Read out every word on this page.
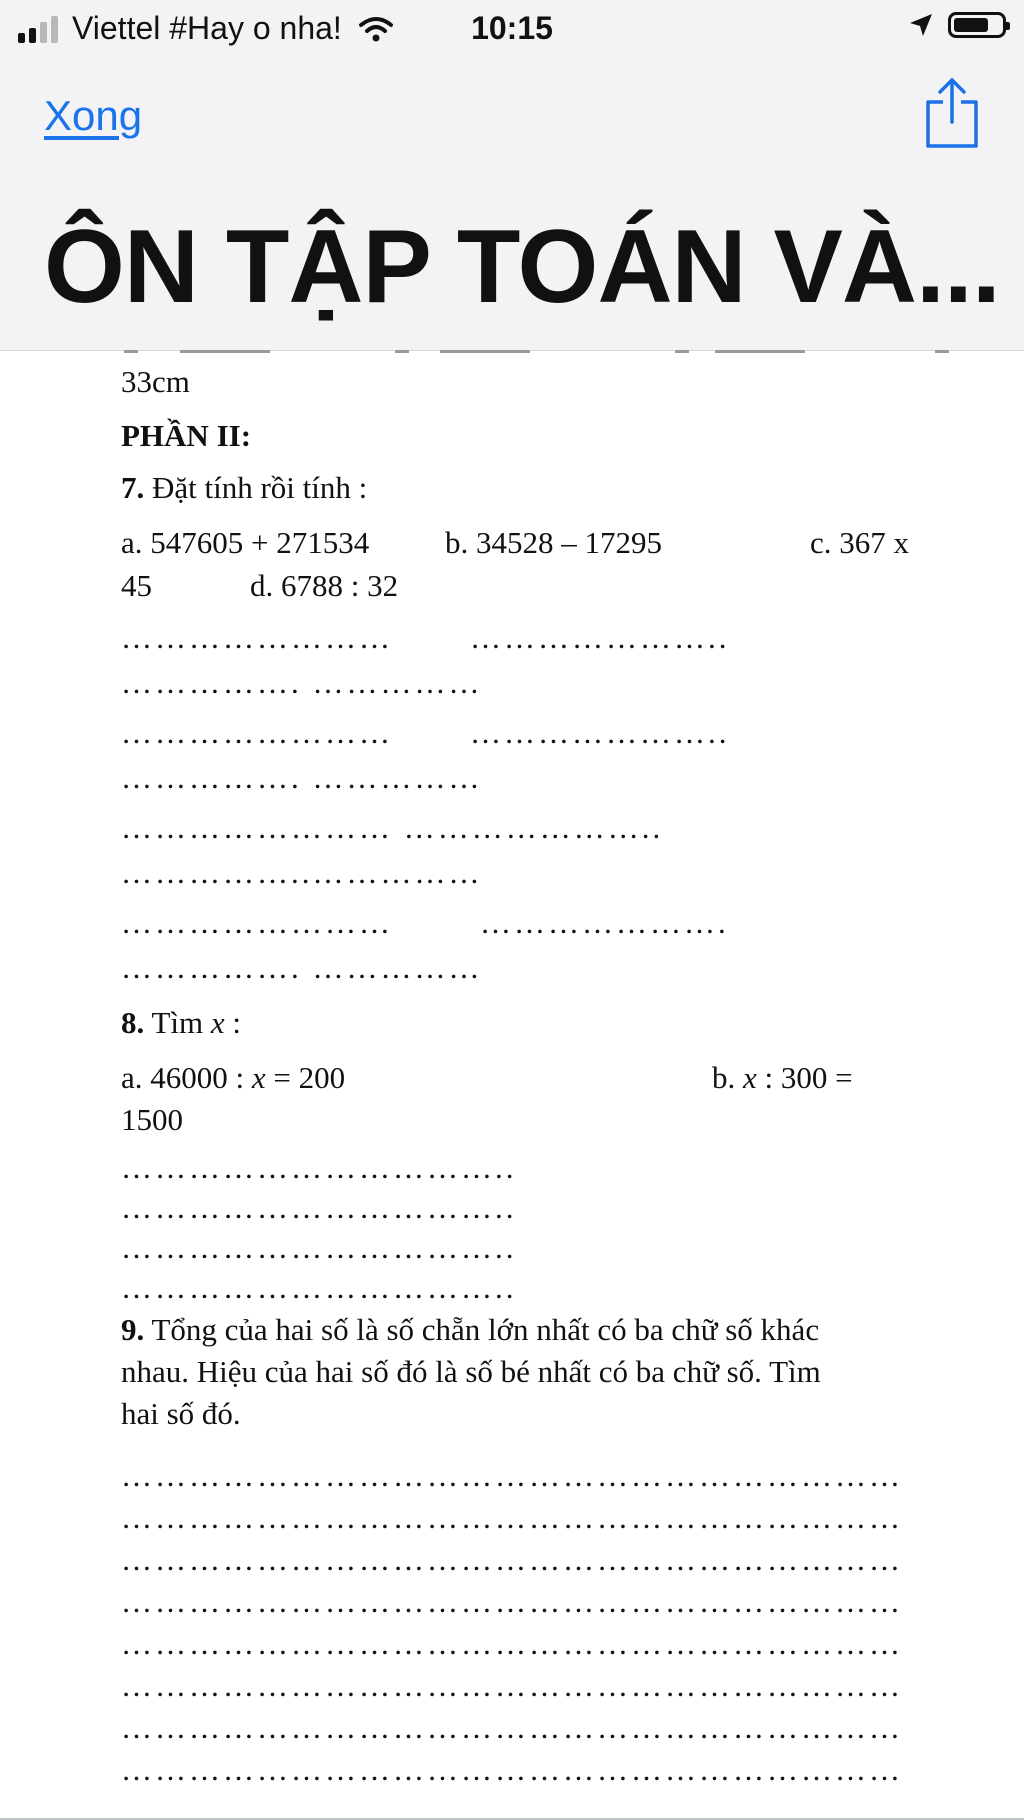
Viettel #Hay o nha!	10:15
Xong
ÔN TẬP TOÁN VÀ...
33cm
PHẦN II:
7. Đặt tính rồi tính :
a. 547605 + 271534 b. 34528 – 17295	c. 367 x
45	d. 6788 : 32
…………………… …………………..
……………. ……………
…………………… …………………..
……………. ……………
…………………… …………………..
……………..……………
……………………	………………….
……………. ……………
8. Tìm x :
a. 46000 : x = 200	b. x : 300 =
1500
……………………………..
……………………………..
……………………………..
……………………………..
9. Tổng của hai số là số chẵn lớn nhất có ba chữ số khác
nhau. Hiệu của hai số đó là số bé nhất có ba chữ số. Tìm
hai số đó.
……………………………………………………………
……………………………………………………………
……………………………………………………………
……………………………………………………………
……………………………………………………………
……………………………………………………………
……………………………………………………………
……………………………………………………………
